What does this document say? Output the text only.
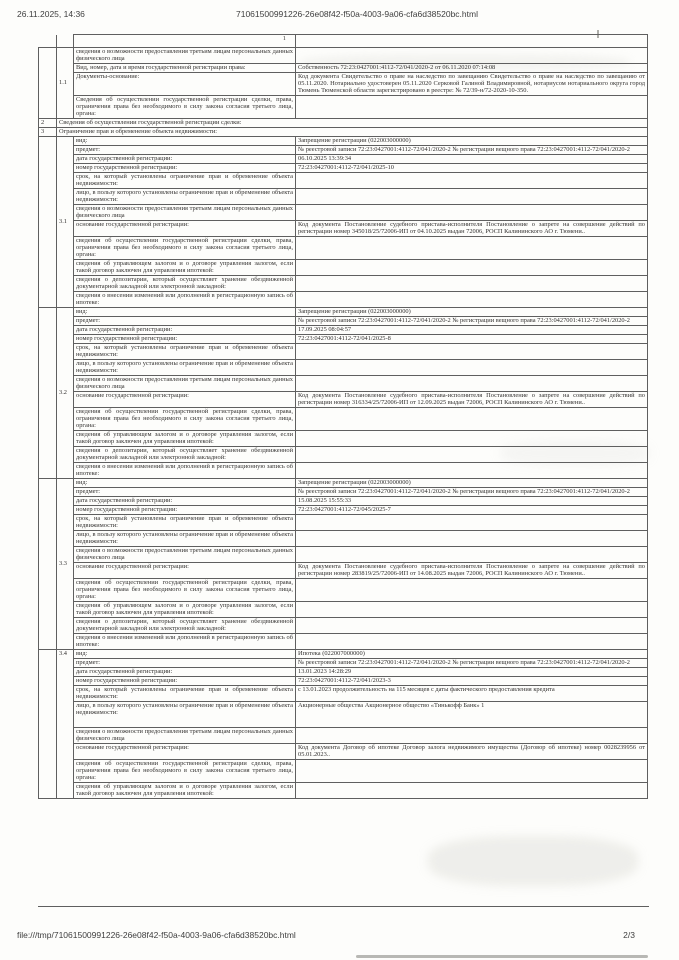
26.11.2025, 14:36	71061500991226-26e08f42-f50a-4003-9a06-cfa6d38520bc.html

		1	

	1.1	сведения о возможности предоставления третьим лицам персональных данных физического лица	
		Вид, номер, дата и время государственной регистрации права:	Собственность 72:23:0427001:4112-72/041/2020-2 от 06.11.2020 07:14:08
		Документы-основание:	Код документа Свидетельство о праве на наследство по завещанию Свидетельство о праве на наследство по завещанию от 05.11.2020. Нотариально удостоверен 05.11.2020 Серковой Галиной Владимировной, нотариусом нотариального округа город Тюмень Тюменской области зарегистрировано в реестре: № 72/39-н/72-2020-10-350.
		Сведения об осуществлении государственной регистрации сделки, права, ограничения права без необходимого в силу закона согласия третьего лица, органа:	
2	Сведения об осуществлении государственной регистрации сделки:		
3	Ограничение прав и обременение объекта недвижимости:		
	3.1	вид:	Запрещение регистрации (022003000000)
		предмет:	№ реестровой записи 72:23:0427001:4112-72/041/2020-2 № регистрации вещного права 72:23:0427001:4112-72/041/2020-2
		дата государственной регистрации:	06.10.2025 13:39:34
		номер государственной регистрации:	72:23:0427001:4112-72/041/2025-10
		срок, на который установлены ограничение прав и обременение объекта недвижимости:	
		лицо, в пользу которого установлены ограничение прав и обременение объекта недвижимости:	
		сведения о возможности предоставления третьим лицам персональных данных физического лица	
		основание государственной регистрации:	Код документа Постановление судебного пристава-исполнителя Постановление о запрете на совершение действий по регистрации номер 345018/25/72006-ИП от 04.10.2025 выдан 72006, РОСП Калининского АО г. Тюмени..
		сведения об осуществлении государственной регистрации сделки, права, ограничения права без необходимого в силу закона согласия третьего лица, органа:	
		сведения об управляющем залогом и о договоре управления залогом, если такой договор заключен для управления ипотекой:	
		сведения о депозитарии, который осуществляет хранение обездвиженной документарной закладной или электронной закладной:	
		сведения о внесении изменений или дополнений в регистрационную запись об ипотеке:	
	3.2	вид:	Запрещение регистрации (022003000000)
		предмет:	№ реестровой записи 72:23:0427001:4112-72/041/2020-2 № регистрации вещного права 72:23:0427001:4112-72/041/2020-2
		дата государственной регистрации:	17.09.2025 08:04:57
		номер государственной регистрации:	72:23:0427001:4112-72/041/2025-8
		срок, на который установлены ограничение прав и обременение объекта недвижимости:	
		лицо, в пользу которого установлены ограничение прав и обременение объекта недвижимости:	
		сведения о возможности предоставления третьим лицам персональных данных физического лица	
		основание государственной регистрации:	Код документа Постановление судебного пристава-исполнителя Постановление о запрете на совершение действий по регистрации номер 316334/25/72006-ИП от 12.09.2025 выдан 72006, РОСП Калининского АО г. Тюмени..
		сведения об осуществлении государственной регистрации сделки, права, ограничения права без необходимого в силу закона согласия третьего лица, органа:	
		сведения об управляющем залогом и о договоре управления залогом, если такой договор заключен для управления ипотекой:	
		сведения о депозитарии, который осуществляет хранение обездвиженной документарной закладной или электронной закладной:	
		сведения о внесении изменений или дополнений в регистрационную запись об ипотеке:	
	3.3	вид:	Запрещение регистрации (022003000000)
		предмет:	№ реестровой записи 72:23:0427001:4112-72/041/2020-2 № регистрации вещного права 72:23:0427001:4112-72/041/2020-2
		дата государственной регистрации:	15.08.2025 15:55:33
		номер государственной регистрации:	72:23:0427001:4112-72/045/2025-7
		срок, на который установлены ограничение прав и обременение объекта недвижимости:	
		лицо, в пользу которого установлены ограничение прав и обременение объекта недвижимости:	
		сведения о возможности предоставления третьим лицам персональных данных физического лица	
		основание государственной регистрации:	Код документа Постановление судебного пристава-исполнителя Постановление о запрете на совершение действий по регистрации номер 283819/25/72006-ИП от 14.08.2025 выдан 72006, РОСП Калининского АО г. Тюмени..
		сведения об осуществлении государственной регистрации сделки, права, ограничения права без необходимого в силу закона согласия третьего лица, органа:	
		сведения об управляющем залогом и о договоре управления залогом, если такой договор заключен для управления ипотекой:	
		сведения о депозитарии, который осуществляет хранение обездвиженной документарной закладной или электронной закладной:	
		сведения о внесении изменений или дополнений в регистрационную запись об ипотеке:	
	3.4	вид:	Ипотека (022007000000)
		предмет:	№ реестровой записи 72:23:0427001:4112-72/041/2020-2 № регистрации вещного права 72:23:0427001:4112-72/041/2020-2
		дата государственной регистрации:	13.01.2023 14:28:29
		номер государственной регистрации:	72:23:0427001:4112-72/041/2023-3
		срок, на который установлены ограничение прав и обременение объекта недвижимости:	с 13.01.2023 продолжительность на 115 месяцев с даты фактического предоставления кредита
		лицо, в пользу которого установлены ограничение прав и обременение объекта недвижимости:	Акционерные общества Акционерное общество «Тинькофф Банк» 1
		сведения о возможности предоставления третьим лицам персональных данных физического лица	
		основание государственной регистрации:	Код документа Договор об ипотеке Договор залога недвижимого имущества (Договор об ипотеке) номер 0028239956 от 05.01.2023..
		сведения об осуществлении государственной регистрации сделки, права, ограничения права без необходимого в силу закона согласия третьего лица, органа:	
		сведения об управляющем залогом и о договоре управления залогом, если такой договор заключен для управления ипотекой:	
file:///tmp/71061500991226-26e08f42-f50a-4003-9a06-cfa6d38520bc.html	2/3
